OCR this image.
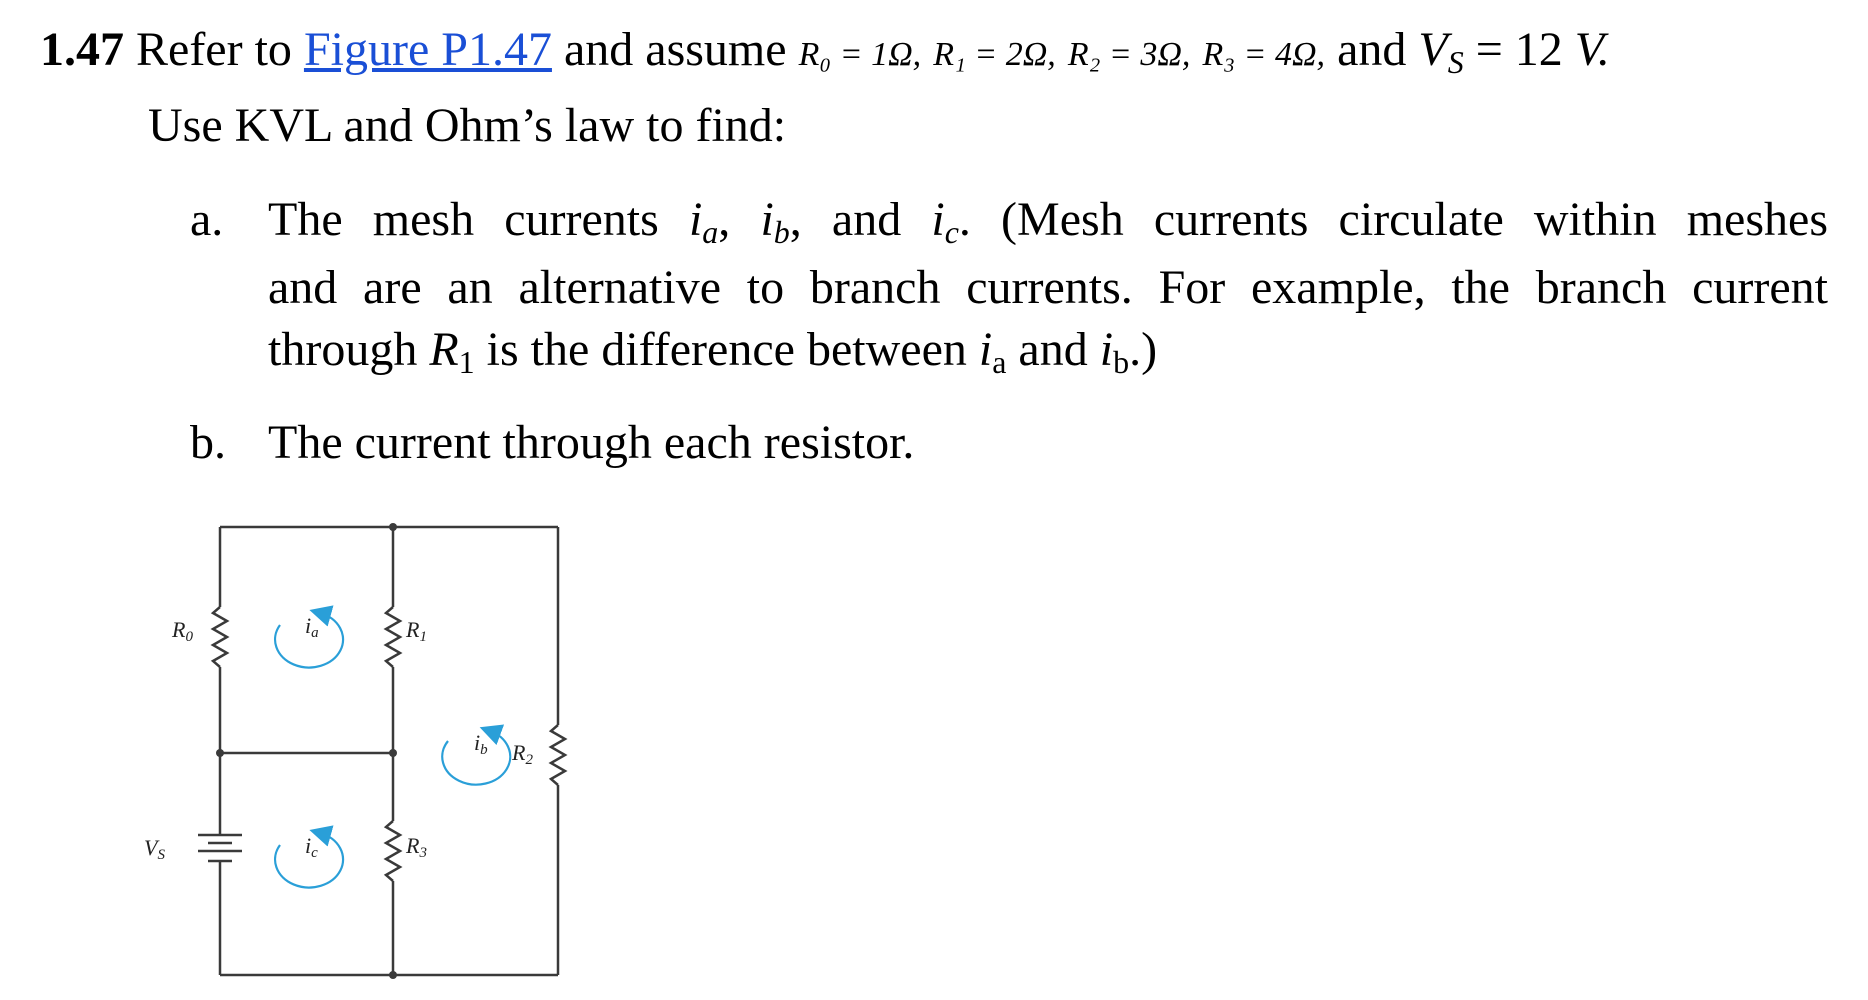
1.47 Refer to Figure P1.47 and assume R₀ = 1Ω, R₁ = 2Ω, R₂ = 3Ω, R₃ = 4Ω, and $V_S = 12$ V.
Use KVL and Ohm’s law to find:
a. The mesh currents $i_a$, $i_b$, and $i_c$. (Mesh currents circulate within meshes
and are an alternative to branch currents. For example, the branch current
through $R_1$ is the difference between $i_a$ and $i_b$.)
b. The current through each resistor.
R0	R1
R2
R3
VS
ia
ib
ic
